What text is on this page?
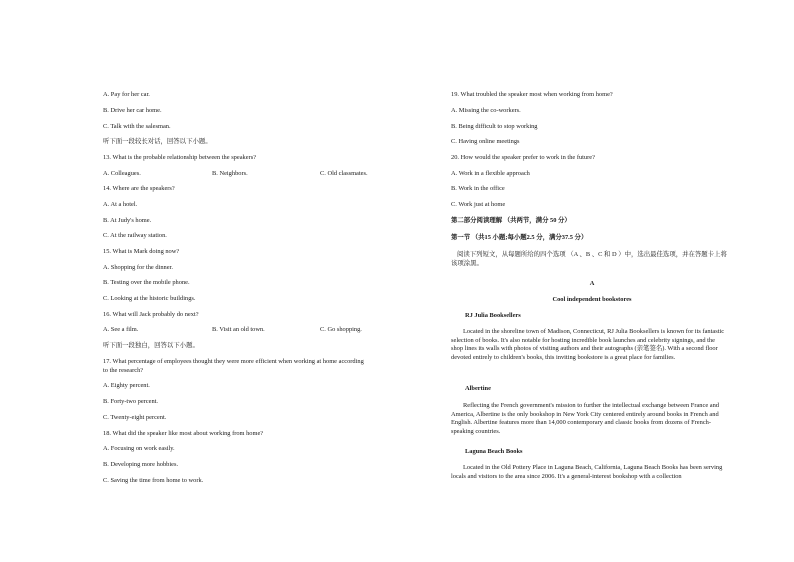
A. Pay for her car.
B. Drive her car home.
C. Talk with the salesman.
听下面一段较长对话，回答以下小题。
13. What is the probable relationship between the speakers?
A. Colleagues.	B. Neighbors.	C. Old classmates.
14. Where are the speakers?
A. At a hotel.
B. At Judy's home.
C. At the railway station.
15. What is Mark doing now?
A. Shopping for the dinner.
B. Testing over the mobile phone.
C. Looking at the historic buildings.
16. What will Jack probably do next?
A. See a film.	B. Visit an old town.	C. Go shopping.
听下面一段独白，回答以下小题。
17. What percentage of employees thought they were more efficient when working at home according to the research?
A. Eighty percent.
B. Forty-two percent.
C. Twenty-eight percent.
18. What did the speaker like most about working from home?
A. Focusing on work easily.
B. Developing more hobbies.
C. Saving the time from home to work.
19. What troubled the speaker most when working from home?
A. Missing the co-workers.
B. Being difficult to stop working
C. Having online meetings
20. How would the speaker prefer to work in the future?
A. Work in a flexible approach
B. Work in the office
C. Work just at home
第二部分阅读理解 （共两节，满分 50 分）
第一节 （共15 小题;每小题2.5 分，满分37.5 分）
阅读下列短文，从每题所给的四个选项 （A 、B 、C 和 D ）中，选出最佳选项，并在答题卡上将该项涂黑。
A
Cool independent bookstores
RJ Julia Booksellers
Located in the shoreline town of Madison, Connecticut, RJ Julia Booksellers is known for its fantastic selection of books. It's also notable for hosting incredible book launches and celebrity signings, and the shop lines its walls with photos of visiting authors and their autographs (亲笔签名). With a second floor devoted entirely to children's books, this inviting bookstore is a great place for families.
Albertine
Reflecting the French government's mission to further the intellectual exchange between France and America, Albertine is the only bookshop in New York City centered entirely around books in French and English. Albertine features more than 14,000 contemporary and classic books from dozens of French-speaking countries.
Laguna Beach Books
Located in the Old Pottery Place in Laguna Beach, California, Laguna Beach Books has been serving locals and visitors to the area since 2006. It's a general-interest bookshop with a collection
